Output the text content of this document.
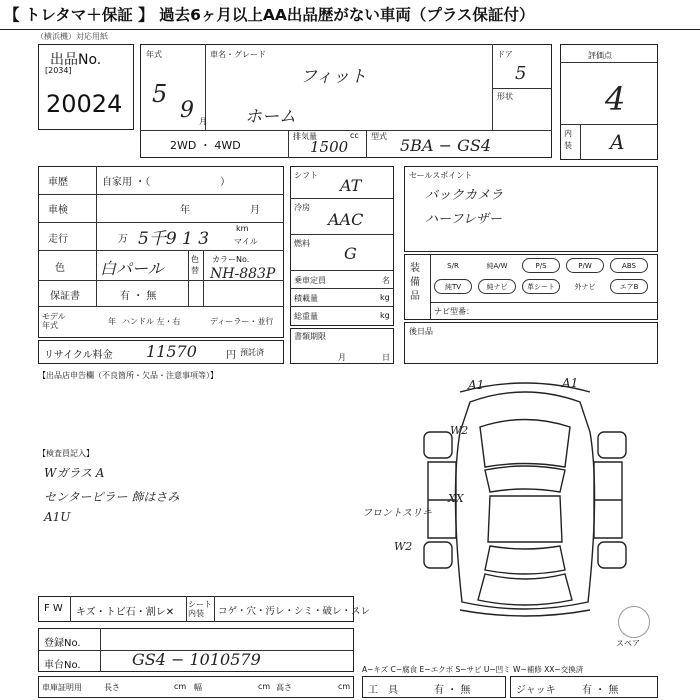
【 トレタマ＋保証 】 過去6ヶ月以上AA出品歴がない車両（プラス保証付）
（横浜機）対応用紙
出品No.
[2034]
20024
年式
5
9 月
車名・グレード
フィット
ホーム
ドア
5
形状
2WD ・ 4WD
排気量	cc
1500
型式 5BA − GS4
評価点
4
内装 A
車歴	自家用 ・（　　　　　　　）
車検	年	月
走行	万 5千9 1 3
km
マイル
色 白パール	色替
カラーNo.
NH-883P
保証書	有 ・ 無
モデル年式	年 ハンドル 左・右	ディーラー・並行
リサイクル料金 11570	円 預託済
シフト
AT
冷房
AAC
燃料
G
乗車定員	名
積載量	kg
総重量	kg
書類期限
月	日
セールスポイント
バックカメラ
ハーフレザー
装備品
S/R	純A/W	P/S	P/W	ABS
純TV	純ナビ	革シート	外ナビ	エアB
ナビ型番：
後日品
【出品店申告欄（不良箇所・欠品・注意事項等）】
【検査員記入】
Wガラス A
センターピラー 飾はさみ
A1U
A1	A1
W2
XX
フロントスリキ
W2
スペア
F W キズ・トビ石・割レ✕
シート内装	コゲ・穴・汚レ・シミ・破レ・スレ
登録No.
車台No.	GS4 − 1010579
車庫証明用	長さ	cm 幅	cm 高さ	cm
A−キズ C−腐食 E−エクボ S−サビ U−凹ミ W−補修 XX−交換済
工　具	有 ・ 無	ジャッキ	有 ・ 無
